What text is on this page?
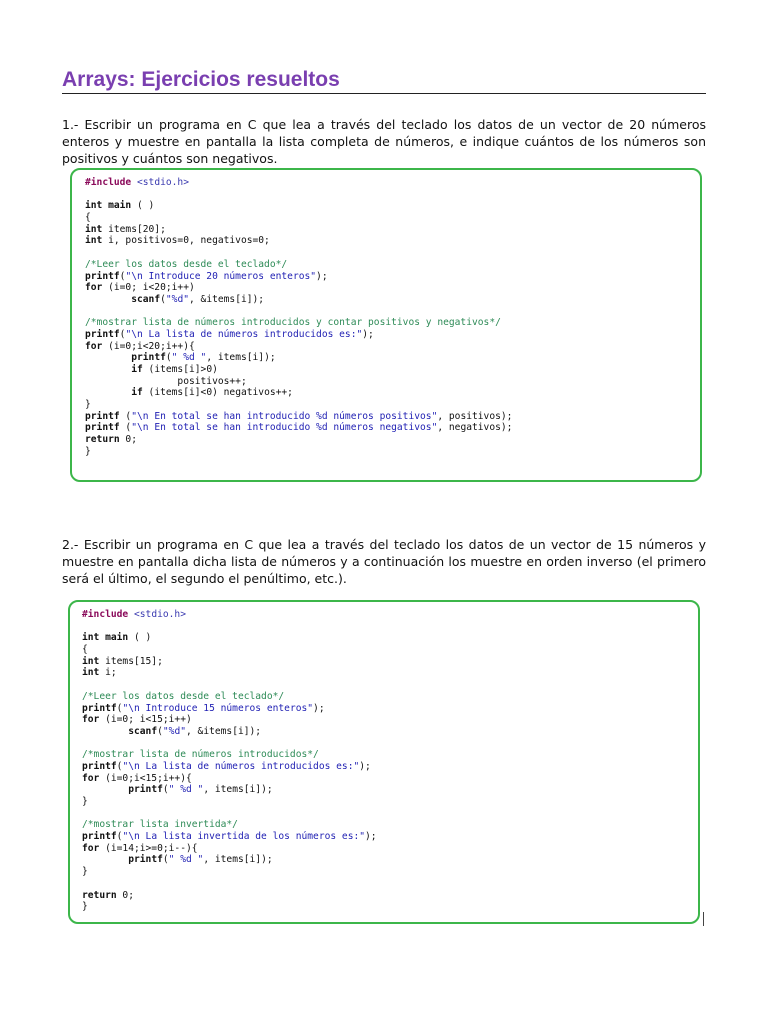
Arrays: Ejercicios resueltos
1.- Escribir un programa en C que lea a través del teclado los datos de un vector de 20 números enteros y muestre en pantalla la lista completa de números, e indique cuántos de los números son positivos y cuántos son negativos.
#include <stdio.h>

int main ( )
{
int items[20];
int i, positivos=0, negativos=0;

/*Leer los datos desde el teclado*/
printf("\n Introduce 20 números enteros");
for (i=0; i<20;i++)
scanf("%d", &items[i]);

/*mostrar lista de números introducidos y contar positivos y negativos*/
printf("\n La lista de números introducidos es:");
for (i=0;i<20;i++){
printf(" %d ", items[i]);
if (items[i]>0)
positivos++;
if (items[i]<0) negativos++;
}
printf ("\n En total se han introducido %d números positivos", positivos);
printf ("\n En total se han introducido %d números negativos", negativos);
return 0;
}
2.- Escribir un programa en C que lea a través del teclado los datos de un vector de 15 números y muestre en pantalla dicha lista de números y a continuación los muestre en orden inverso (el primero será el último, el segundo el penúltimo, etc.).
#include <stdio.h>

int main ( )
{
int items[15];
int i;

/*Leer los datos desde el teclado*/
printf("\n Introduce 15 números enteros");
for (i=0; i<15;i++)
scanf("%d", &items[i]);

/*mostrar lista de números introducidos*/
printf("\n La lista de números introducidos es:");
for (i=0;i<15;i++){
printf(" %d ", items[i]);
}

/*mostrar lista invertida*/
printf("\n La lista invertida de los números es:");
for (i=14;i>=0;i--){
printf(" %d ", items[i]);
}

return 0;
}
